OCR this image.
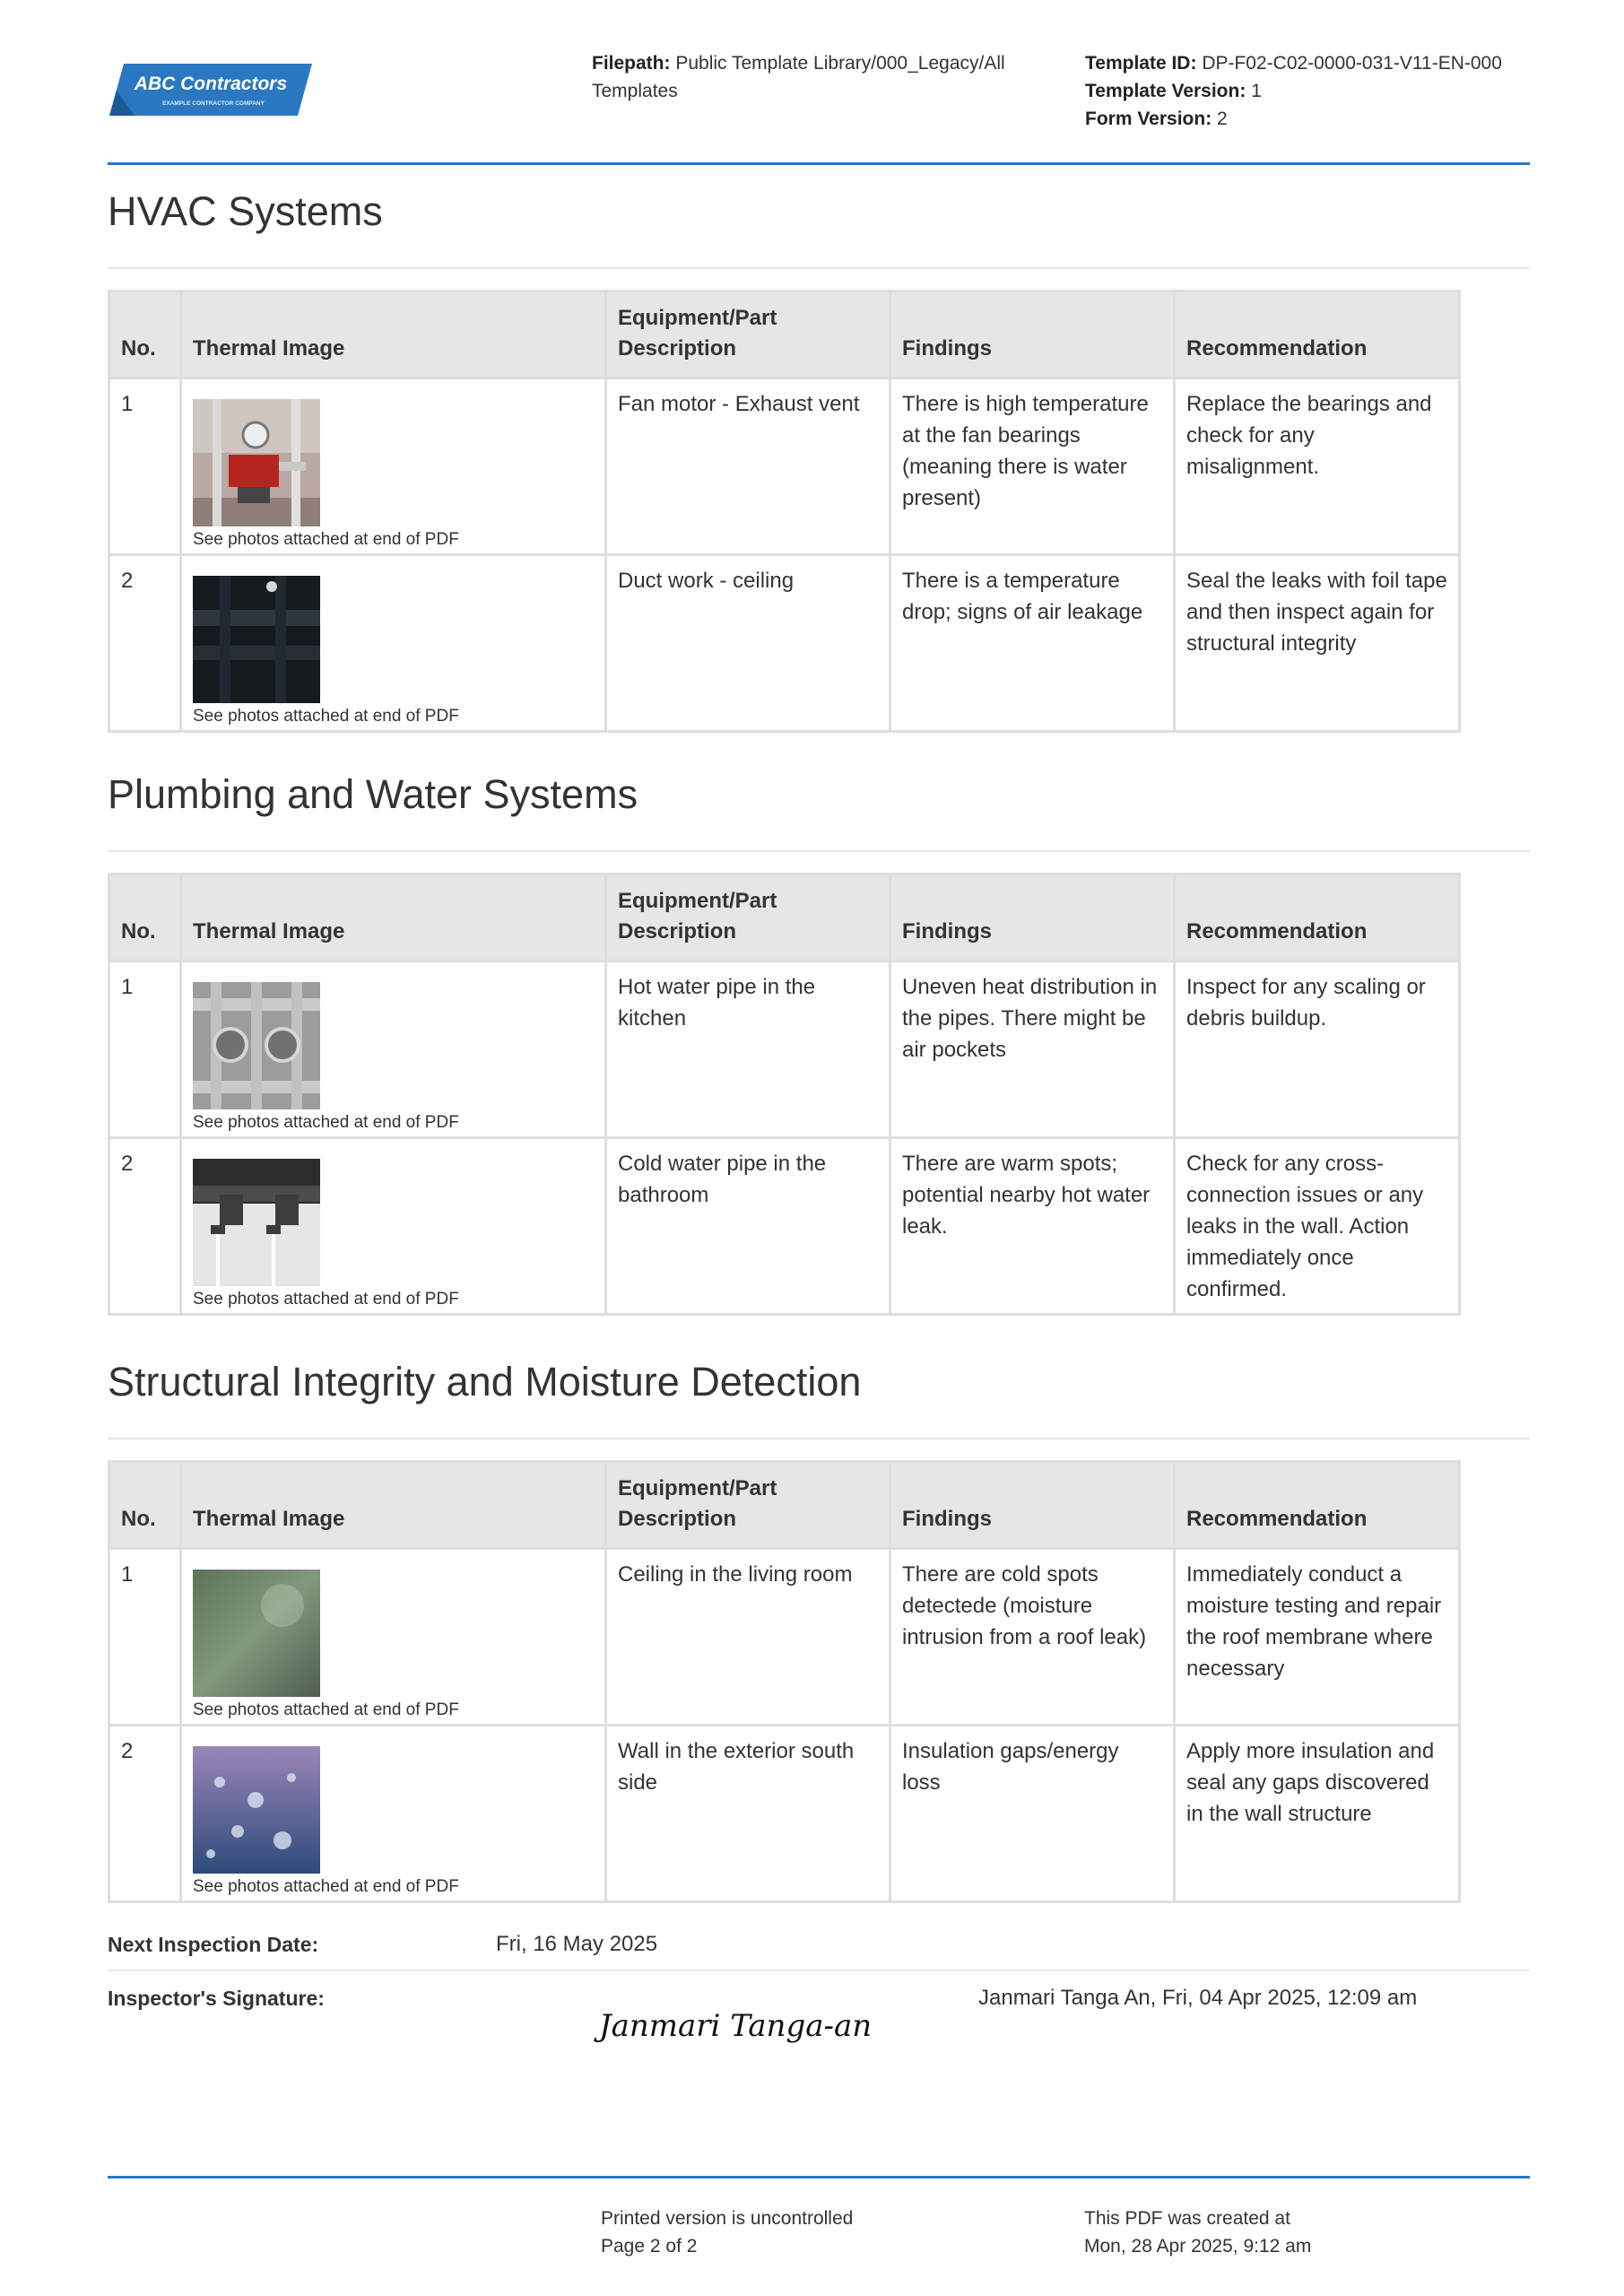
ABC Contractors
EXAMPLE CONTRACTOR COMPANY
Filepath: Public Template Library/000_Legacy/All Templates
Template ID: DP-F02-C02-0000-031-V11-EN-000
Template Version: 1
Form Version: 2
HVAC Systems
No.	Thermal Image	Equipment/Part Description	Findings	Recommendation
1	See photos attached at end of PDF	Fan motor - Exhaust vent	There is high temperature at the fan bearings (meaning there is water present)	Replace the bearings and check for any misalignment.
2	See photos attached at end of PDF	Duct work - ceiling	There is a temperature drop; signs of air leakage	Seal the leaks with foil tape and then inspect again for structural integrity
Plumbing and Water Systems
No.	Thermal Image	Equipment/Part Description	Findings	Recommendation
1	See photos attached at end of PDF	Hot water pipe in the kitchen	Uneven heat distribution in the pipes. There might be air pockets	Inspect for any scaling or debris buildup.
2	See photos attached at end of PDF	Cold water pipe in the bathroom	There are warm spots; potential nearby hot water leak.	Check for any cross-connection issues or any leaks in the wall. Action immediately once confirmed.
Structural Integrity and Moisture Detection
No.	Thermal Image	Equipment/Part Description	Findings	Recommendation
1	See photos attached at end of PDF	Ceiling in the living room	There are cold spots detectede (moisture intrusion from a roof leak)	Immediately conduct a moisture testing and repair the roof membrane where necessary
2	See photos attached at end of PDF	Wall in the exterior south side	Insulation gaps/energy loss	Apply more insulation and seal any gaps discovered in the wall structure
Next Inspection Date:	Fri, 16 May 2025
Inspector's Signature:
Janmari Tanga-an
Janmari Tanga An, Fri, 04 Apr 2025, 12:09 am
Printed version is uncontrolled
Page 2 of 2
This PDF was created at
Mon, 28 Apr 2025, 9:12 am
